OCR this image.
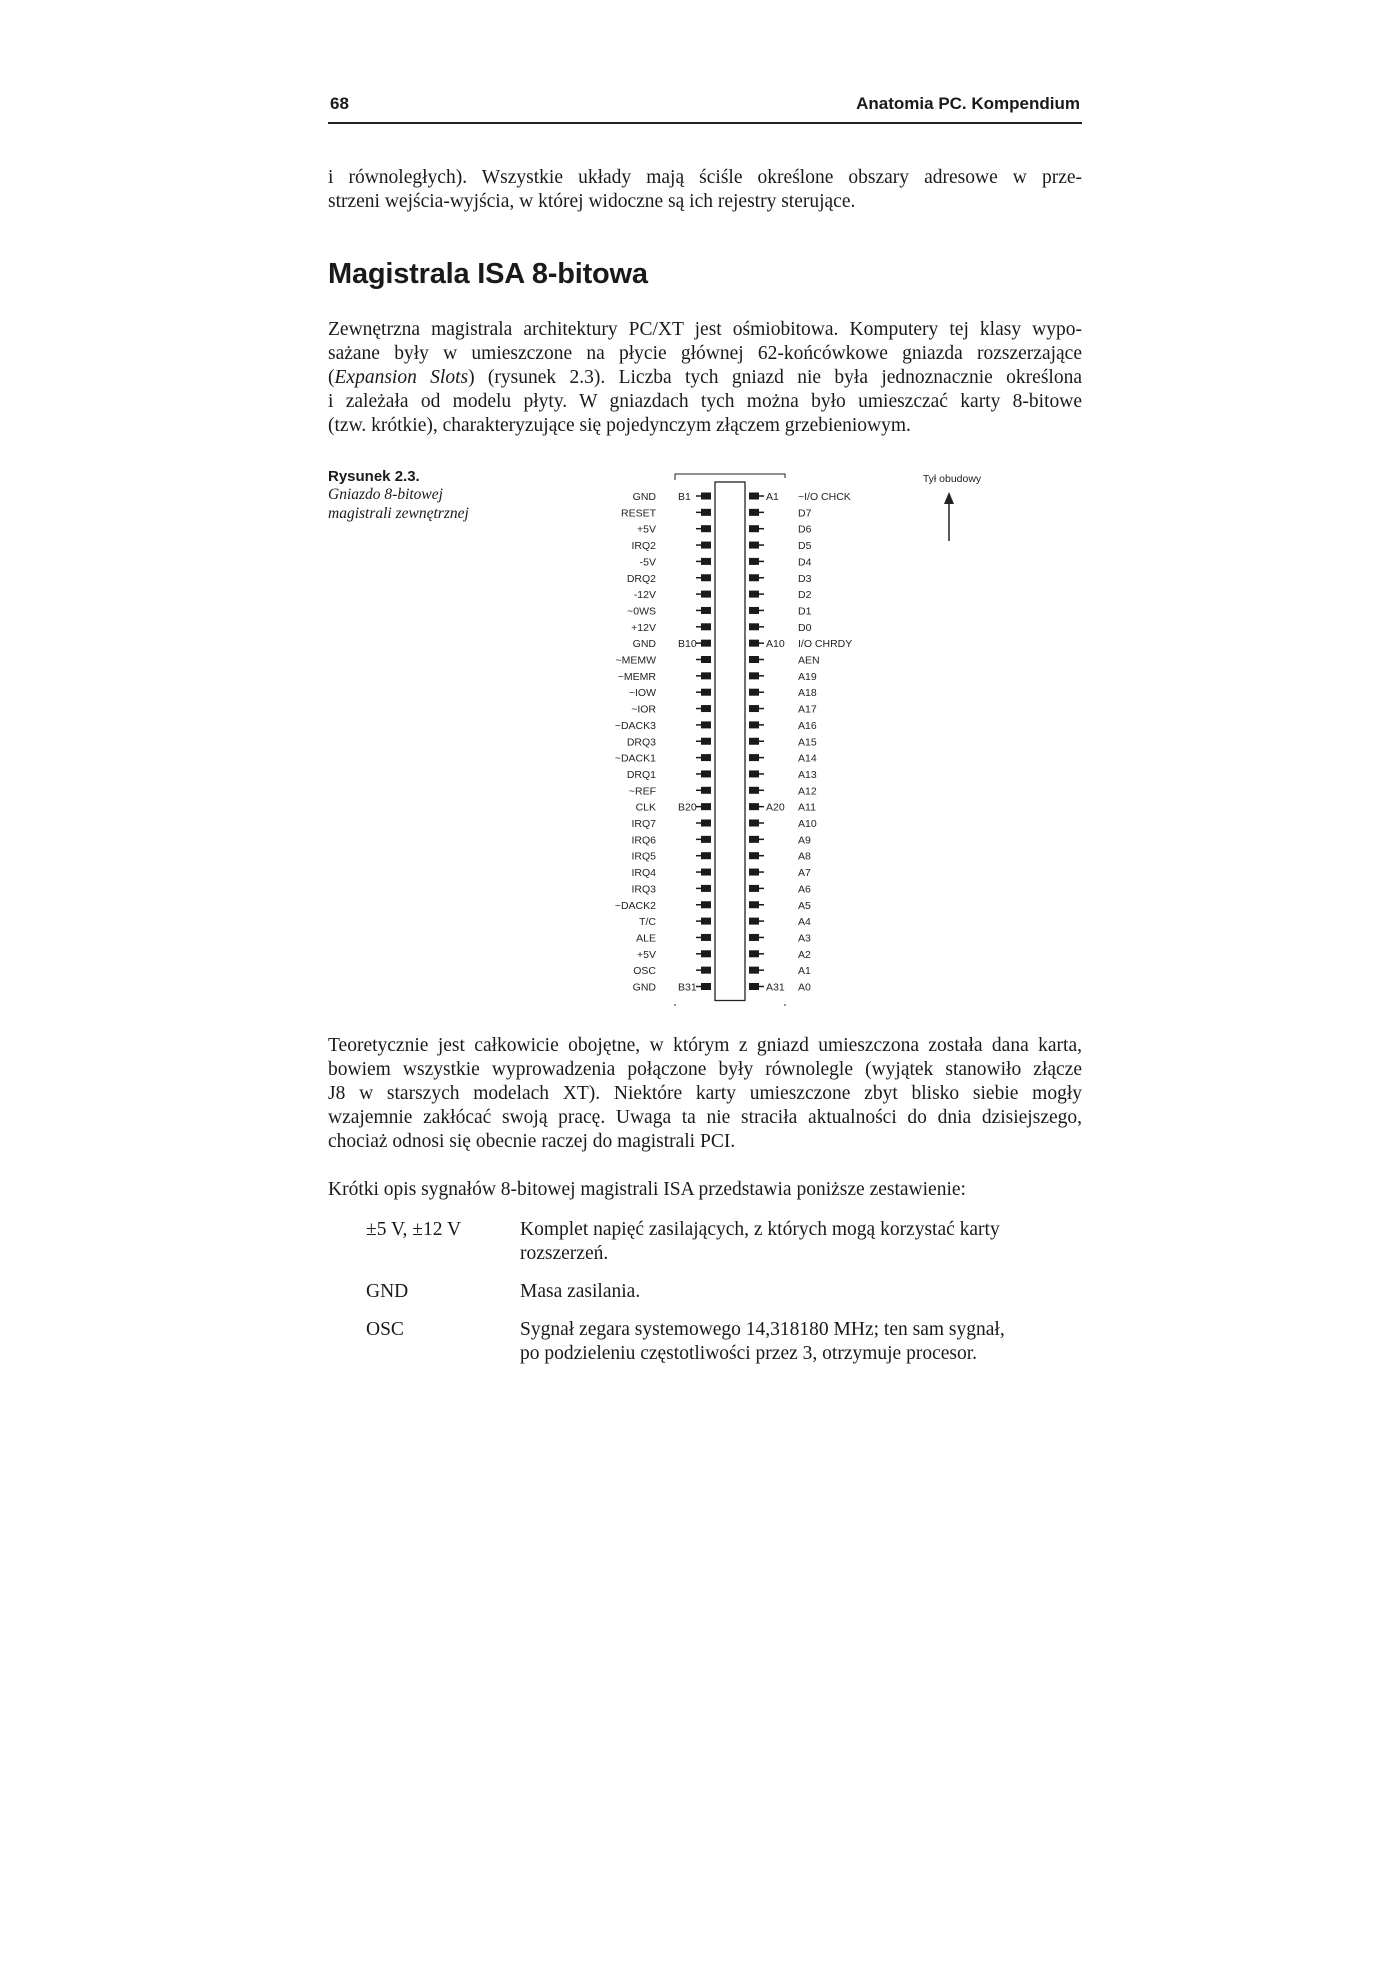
68	Anatomia PC. Kompendium

i równoległych). Wszystkie układy mają ściśle określone obszary adresowe w prze-
strzeni wejścia-wyjścia, w której widoczne są ich rejestry sterujące.

Magistrala ISA 8-bitowa

Zewnętrzna magistrala architektury PC/XT jest ośmiobitowa. Komputery tej klasy wypo-
sażane były w umieszczone na płycie głównej 62-końcówkowe gniazda rozszerzające
(Expansion Slots) (rysunek 2.3). Liczba tych gniazd nie była jednoznacznie określona
i zależała od modelu płyty. W gniazdach tych można było umieszczać karty 8-bitowe
(tzw. krótkie), charakteryzujące się pojedynczym złączem grzebieniowym.

Rysunek 2.3.
Gniazdo 8-bitowej
magistrali zewnętrznej
GND	~I/O CHCK
RESET	D7
+5V	D6
IRQ2	D5
-5V	D4
DRQ2	D3
-12V	D2
~0WS	D1
+12V	D0
GND	I/O CHRDY
~MEMW	AEN
~MEMR	A19
~IOW	A18
~IOR	A17
~DACK3	A16
DRQ3	A15
~DACK1	A14
DRQ1	A13
~REF	A12
CLK	A11
IRQ7	A10
IRQ6	A9
IRQ5	A8
IRQ4	A7
IRQ3	A6
~DACK2	A5
T/C	A4
ALE	A3
+5V	A2
OSC	A1
GND	A0
B1
B10
B20
B31
A1
A10
A20
A31
Tył obudowy

Teoretycznie jest całkowicie obojętne, w którym z gniazd umieszczona została dana karta,
bowiem wszystkie wyprowadzenia połączone były równolegle (wyjątek stanowiło złącze
J8 w starszych modelach XT). Niektóre karty umieszczone zbyt blisko siebie mogły
wzajemnie zakłócać swoją pracę. Uwaga ta nie straciła aktualności do dnia dzisiejszego,
chociaż odnosi się obecnie raczej do magistrali PCI.

Krótki opis sygnałów 8-bitowej magistrali ISA przedstawia poniższe zestawienie:

±5 V, ±12 V	Komplet napięć zasilających, z których mogą korzystać karty
rozszerzeń.
GND	Masa zasilania.
OSC	Sygnał zegara systemowego 14,318180 MHz; ten sam sygnał,
po podzieleniu częstotliwości przez 3, otrzymuje procesor.
